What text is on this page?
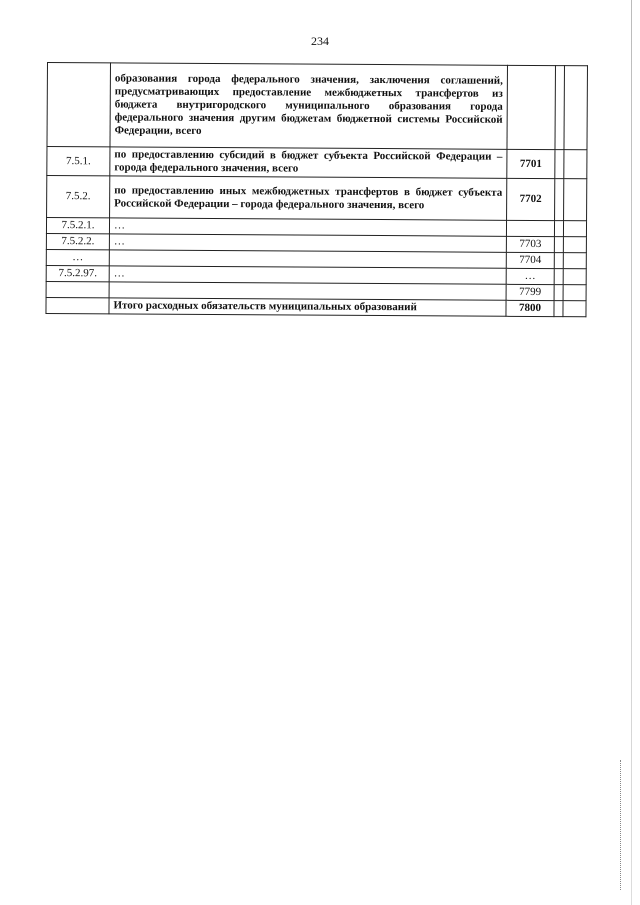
234
	образования города федерального значения, заключения соглашений, предусматривающих предоставление межбюджетных трансфертов из бюджета внутригородского муниципального образования города федерального значения другим бюджетам бюджетной системы Российской Федерации, всего			
7.5.1.	по предоставлению субсидий в бюджет субъекта Российской Федерации – города федерального значения, всего	7701		
7.5.2.	по предоставлению иных межбюджетных трансфертов в бюджет субъекта Российской Федерации – города федерального значения, всего	7702		
7.5.2.1.	…			
7.5.2.2.	…	7703		
…		7704		
7.5.2.97.	…	…		
		7799		
	Итого расходных обязательств муниципальных образований	7800		
